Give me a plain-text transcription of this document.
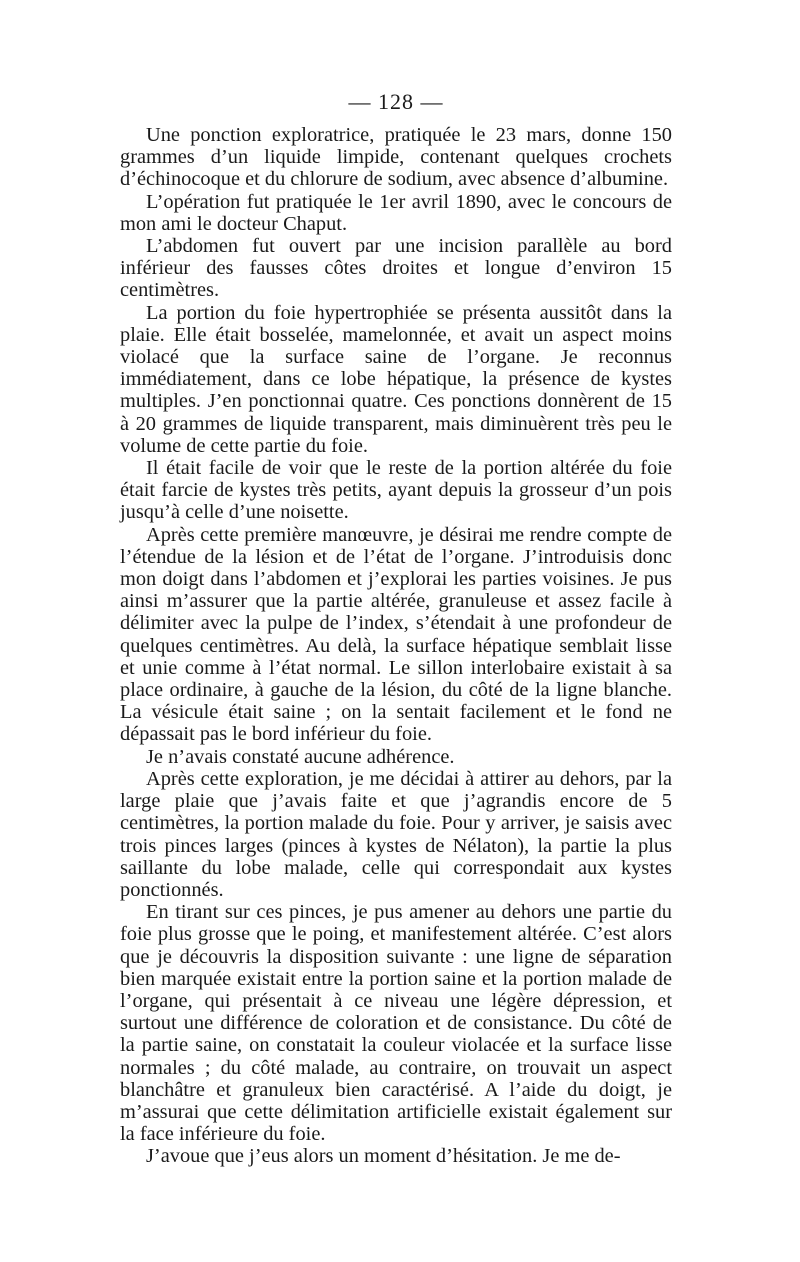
— 128 —

Une ponction exploratrice, pratiquée le 23 mars, donne 150 grammes d’un liquide limpide, contenant quelques crochets d’échinocoque et du chlorure de sodium, avec absence d’albumine.

L’opération fut pratiquée le 1er avril 1890, avec le concours de mon ami le docteur Chaput.

L’abdomen fut ouvert par une incision parallèle au bord inférieur des fausses côtes droites et longue d’environ 15 centimètres.

La portion du foie hypertrophiée se présenta aussitôt dans la plaie. Elle était bosselée, mamelonnée, et avait un aspect moins violacé que la surface saine de l’organe. Je reconnus immédiatement, dans ce lobe hépatique, la présence de kystes multiples. J’en ponctionnai quatre. Ces ponctions donnèrent de 15 à 20 grammes de liquide transparent, mais diminuèrent très peu le volume de cette partie du foie.

Il était facile de voir que le reste de la portion altérée du foie était farcie de kystes très petits, ayant depuis la grosseur d’un pois jusqu’à celle d’une noisette.

Après cette première manœuvre, je désirai me rendre compte de l’étendue de la lésion et de l’état de l’organe. J’introduisis donc mon doigt dans l’abdomen et j’explorai les parties voisines. Je pus ainsi m’assurer que la partie altérée, granuleuse et assez facile à délimiter avec la pulpe de l’index, s’étendait à une profondeur de quelques centimètres. Au delà, la surface hépatique semblait lisse et unie comme à l’état normal. Le sillon interlobaire existait à sa place ordinaire, à gauche de la lésion, du côté de la ligne blanche. La vésicule était saine ; on la sentait facilement et le fond ne dépassait pas le bord inférieur du foie.

Je n’avais constaté aucune adhérence.

Après cette exploration, je me décidai à attirer au dehors, par la large plaie que j’avais faite et que j’agrandis encore de 5 centimètres, la portion malade du foie. Pour y arriver, je saisis avec trois pinces larges (pinces à kystes de Nélaton), la partie la plus saillante du lobe malade, celle qui correspondait aux kystes ponctionnés.

En tirant sur ces pinces, je pus amener au dehors une partie du foie plus grosse que le poing, et manifestement altérée. C’est alors que je découvris la disposition suivante : une ligne de séparation bien marquée existait entre la portion saine et la portion malade de l’organe, qui présentait à ce niveau une légère dépression, et surtout une différence de coloration et de consistance. Du côté de la partie saine, on constatait la couleur violacée et la surface lisse normales ; du côté malade, au contraire, on trouvait un aspect blanchâtre et granuleux bien caractérisé. A l’aide du doigt, je m’assurai que cette délimitation artificielle existait également sur la face inférieure du foie.

J’avoue que j’eus alors un moment d’hésitation. Je me de-
